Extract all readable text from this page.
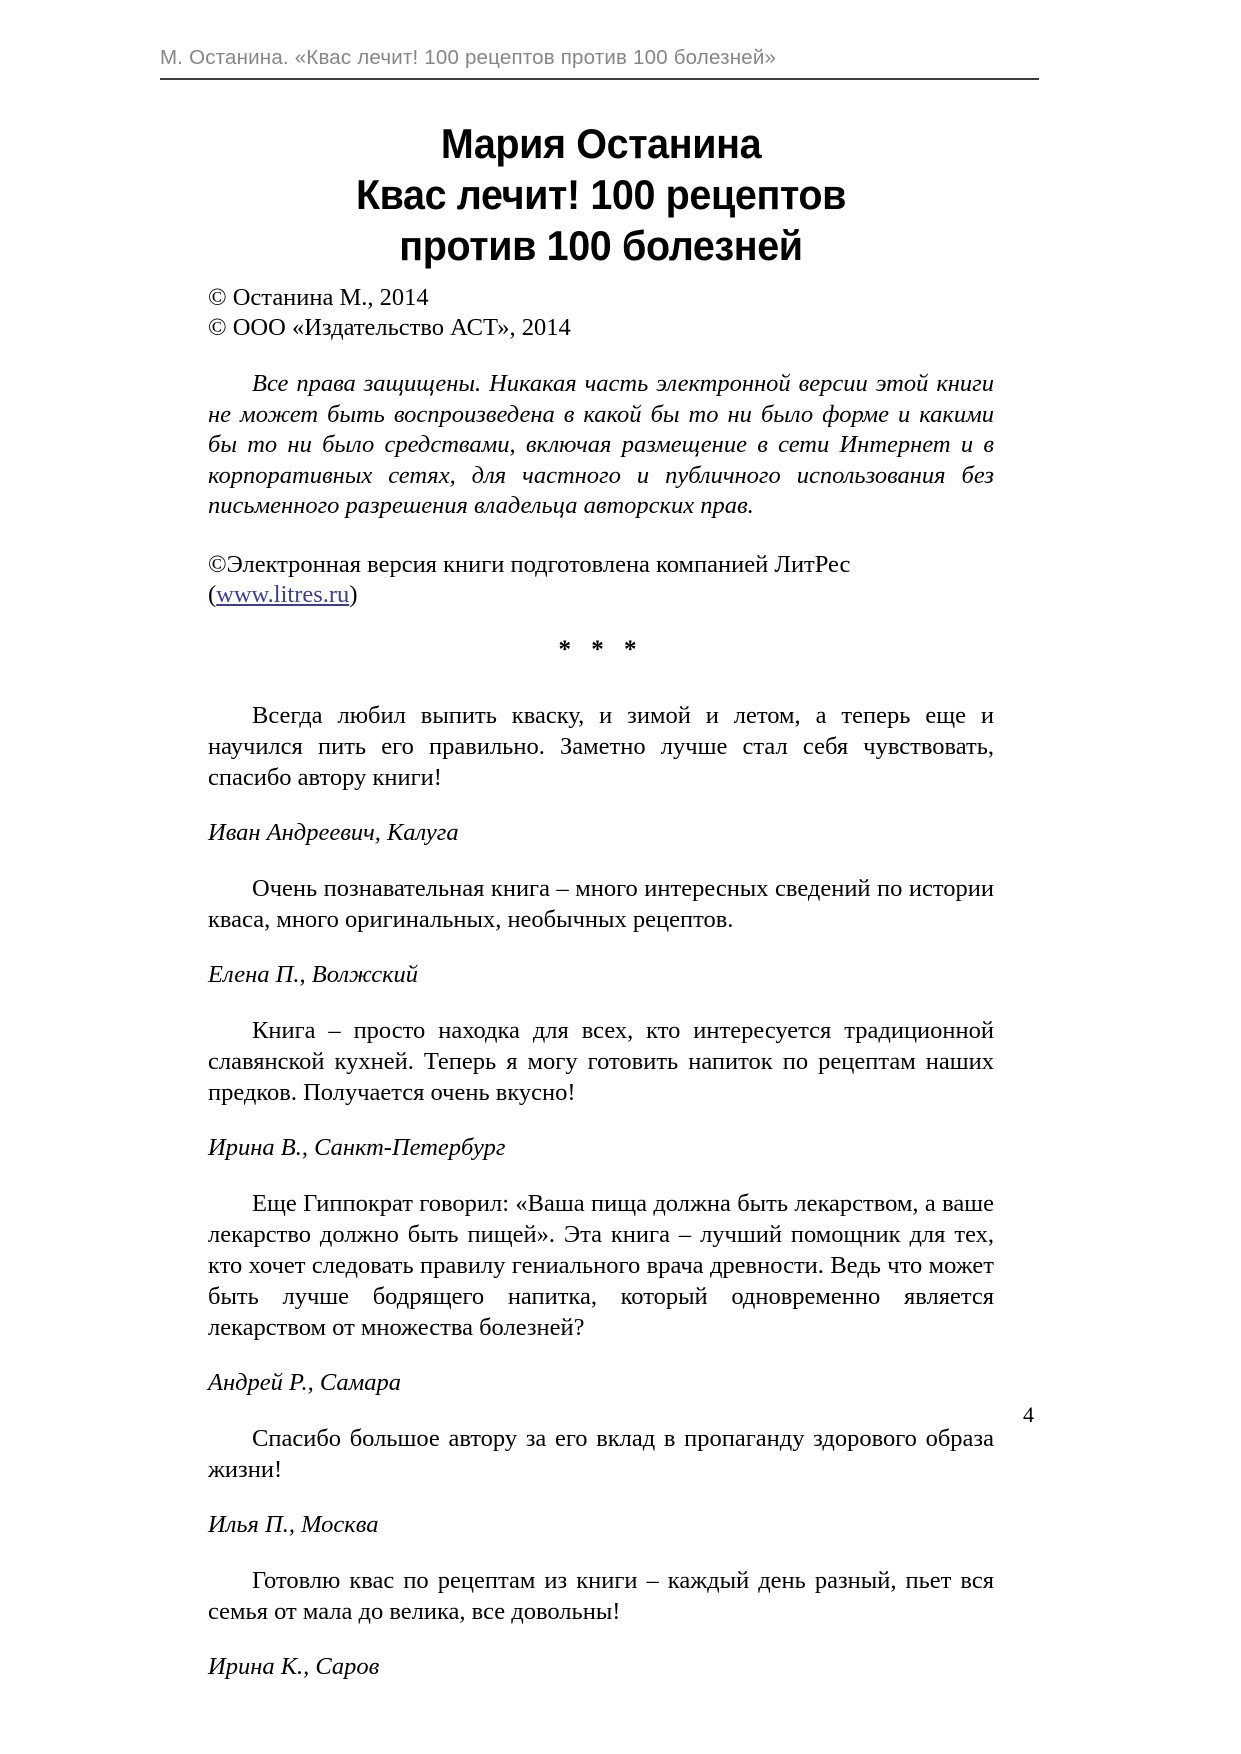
М. Останина. «Квас лечит! 100 рецептов против 100 болезней»
Мария Останина
Квас лечит! 100 рецептов
против 100 болезней
© Останина М., 2014
© ООО «Издательство АСТ», 2014

Все права защищены. Никакая часть электронной версии этой книги не может быть воспроизведена в какой бы то ни было форме и какими бы то ни было средствами, включая размещение в сети Интернет и в корпоративных сетях, для частного и публичного использования без письменного разрешения владельца авторских прав.

©Электронная версия книги подготовлена компанией ЛитРес (www.litres.ru)

* * *

Всегда любил выпить кваску, и зимой и летом, а теперь еще и научился пить его правильно. Заметно лучше стал себя чувствовать, спасибо автору книги!

Иван Андреевич, Калуга

Очень познавательная книга – много интересных сведений по истории кваса, много оригинальных, необычных рецептов.

Елена П., Волжский

Книга – просто находка для всех, кто интересуется традиционной славянской кухней. Теперь я могу готовить напиток по рецептам наших предков. Получается очень вкусно!

Ирина В., Санкт-Петербург

Еще Гиппократ говорил: «Ваша пища должна быть лекарством, а ваше лекарство должно быть пищей». Эта книга – лучший помощник для тех, кто хочет следовать правилу гениального врача древности. Ведь что может быть лучше бодрящего напитка, который одновременно является лекарством от множества болезней?

Андрей Р., Самара

Спасибо большое автору за его вклад в пропаганду здорового образа жизни!

Илья П., Москва

Готовлю квас по рецептам из книги – каждый день разный, пьет вся семья от мала до велика, все довольны!

Ирина К., Саров

4
